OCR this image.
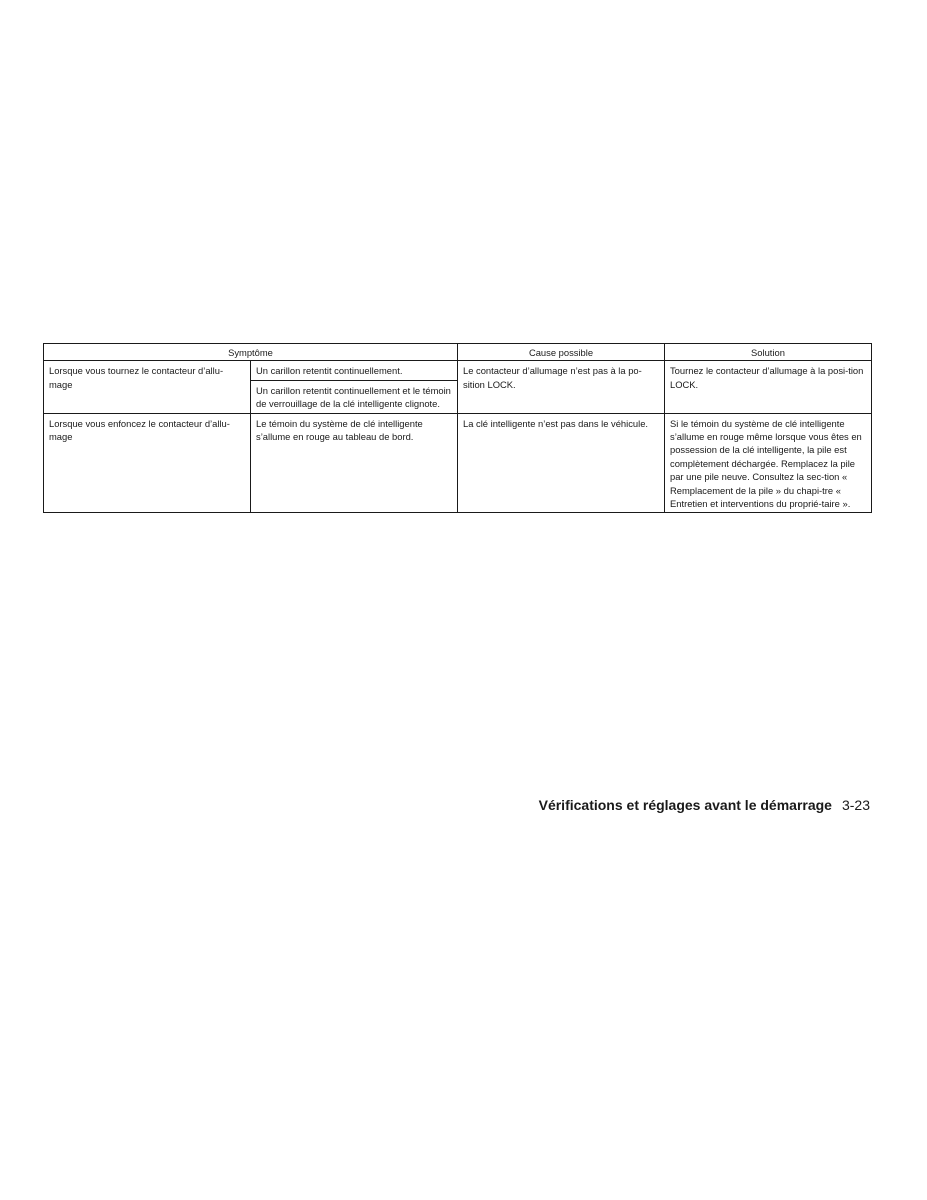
Symptôme		Cause possible	Solution
Lorsque vous tournez le contacteur d’allu-mage	Un carillon retentit continuellement.	Le contacteur d’allumage n’est pas à la po-sition LOCK.	Tournez le contacteur d’allumage à la posi-tion LOCK.
	Un carillon retentit continuellement et le témoin de verrouillage de la clé intelligente clignote.		
Lorsque vous enfoncez le contacteur d’allu-mage	Le témoin du système de clé intelligente s’allume en rouge au tableau de bord.	La clé intelligente n’est pas dans le véhicule.	Si le témoin du système de clé intelligente s’allume en rouge même lorsque vous êtes en possession de la clé intelligente, la pile est complètement déchargée. Remplacez la pile par une pile neuve. Consultez la sec-tion « Remplacement de la pile » du chapi-tre « Entretien et interventions du proprié-taire ».
Vérifications et réglages avant le démarrage 3-23
